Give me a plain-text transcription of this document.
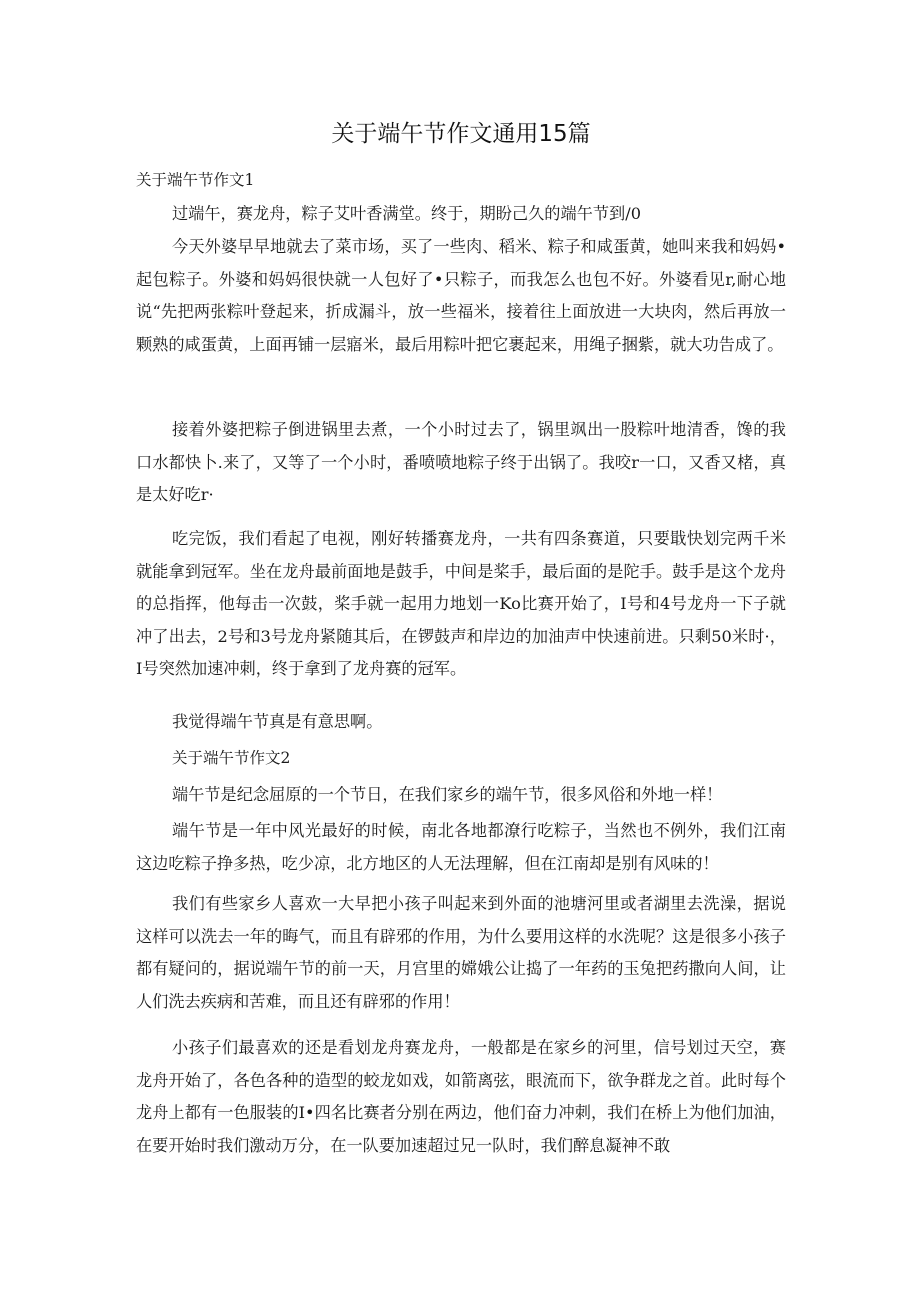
关于端午节作文通用15篇
关于端午节作文1
过端午，赛龙舟，粽子艾叶香满堂。终于，期盼己久的端午节到/0
今天外婆早早地就去了菜市场，买了一些肉、稻米、粽子和咸蛋黄，她叫来我和妈妈•起包粽子。外婆和妈妈很快就一人包好了•只粽子，而我怎么也包不好。外婆看见r,耐心地说“先把两张粽叶登起来，折成漏斗，放一些福米，接着往上面放进一大块肉，然后再放一颗熟的咸蛋黄，上面再铺一层寤米，最后用粽叶把它裹起来，用绳子捆紫，就大功告成了。
接着外婆把粽子倒进锅里去煮，一个小时过去了，锅里飒出一股粽叶地清香，馋的我口水都快卜.来了，又等了一个小时，番喷喷地粽子终于出锅了。我咬r一口，又香又楮，真是太好吃r·
吃完饭，我们看起了电视，刚好转播赛龙舟，一共有四条赛道，只要戢快划完两千米就能拿到冠军。坐在龙舟最前面地是鼓手，中间是桨手，最后面的是陀手。鼓手是这个龙舟的总指挥，他每击一次鼓，桨手就一起用力地划一Ko比赛开始了，I号和4号龙舟一下子就冲了出去，2号和3号龙舟紧随其后，在锣鼓声和岸边的加油声中快速前进。只剩50米时·，I号突然加速冲刺，终于拿到了龙舟赛的冠军。
我觉得端午节真是有意思啊。
关于端午节作文2
端午节是纪念屈原的一个节日，在我们家乡的端午节，很多风俗和外地一样！
端午节是一年中风光最好的时候，南北各地都潦行吃粽子，当然也不例外，我们江南这边吃粽子挣多热，吃少凉，北方地区的人无法理解，但在江南却是别有风味的！
我们有些家乡人喜欢一大早把小孩子叫起来到外面的池塘河里或者湖里去洗澡，据说这样可以洗去一年的晦气，而且有辟邪的作用，为什么要用这样的水洗呢？这是很多小孩子都有疑问的，据说端午节的前一天，月宫里的嫦娥公让捣了一年药的玉兔把药撒向人间，让人们洗去疾病和苦难，而且还有辟邪的作用！
小孩子们最喜欢的还是看划龙舟赛龙舟，一般都是在家乡的河里，信号划过天空，赛龙舟开始了，各色各种的造型的蛟龙如戏，如箭离弦，眼流而下，欲争群龙之首。此时每个龙舟上都有一色服装的I•四名比赛者分别在两边，他们奋力冲刺，我们在桥上为他们加油，在要开始时我们激动万分，在一队要加速超过兄一队时，我们醉息凝神不敢
